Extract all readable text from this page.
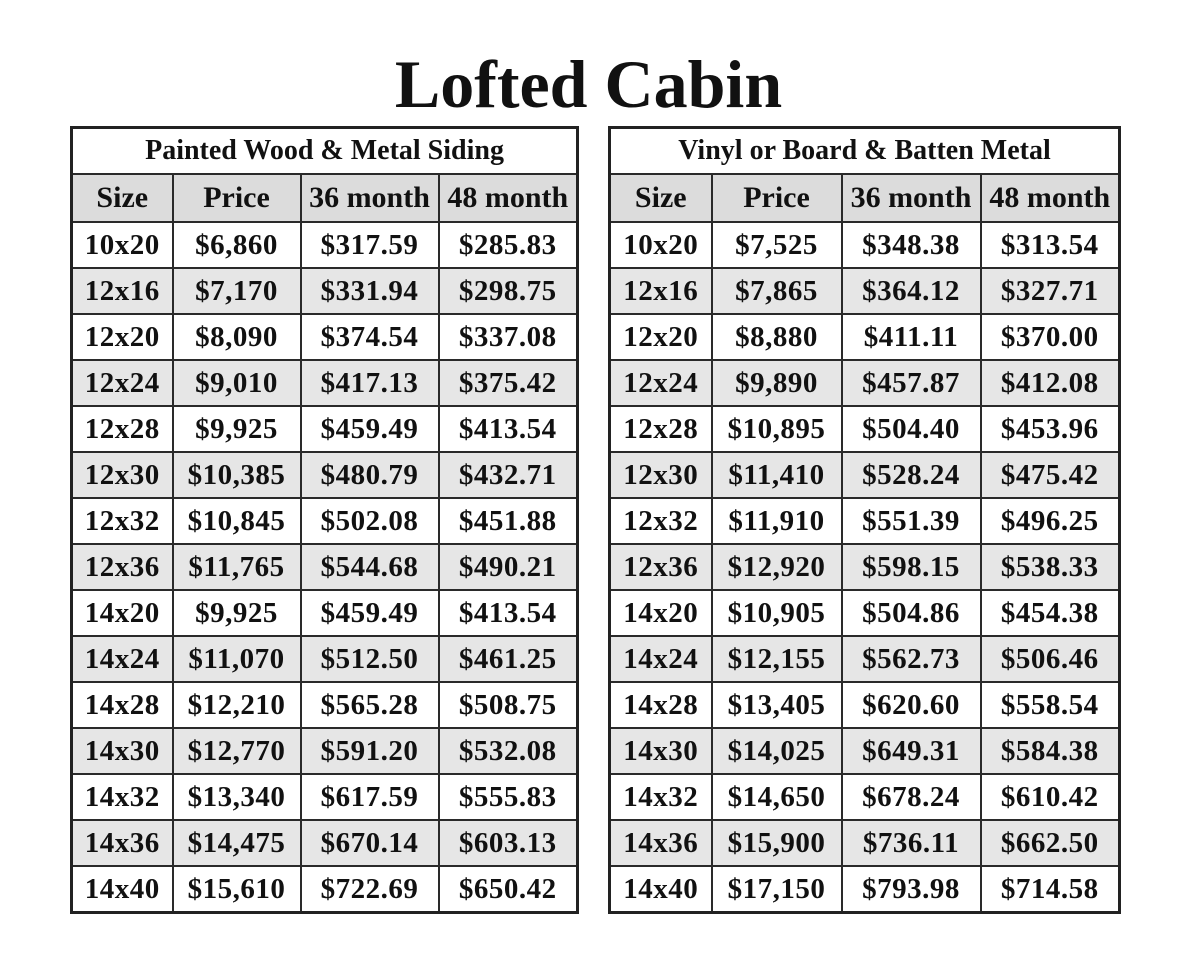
Lofted Cabin
Painted Wood & Metal Siding			
Size	Price	36 month	48 month
10x20	$6,860	$317.59	$285.83
12x16	$7,170	$331.94	$298.75
12x20	$8,090	$374.54	$337.08
12x24	$9,010	$417.13	$375.42
12x28	$9,925	$459.49	$413.54
12x30	$10,385	$480.79	$432.71
12x32	$10,845	$502.08	$451.88
12x36	$11,765	$544.68	$490.21
14x20	$9,925	$459.49	$413.54
14x24	$11,070	$512.50	$461.25
14x28	$12,210	$565.28	$508.75
14x30	$12,770	$591.20	$532.08
14x32	$13,340	$617.59	$555.83
14x36	$14,475	$670.14	$603.13
14x40	$15,610	$722.69	$650.42
Vinyl or Board & Batten Metal			
Size	Price	36 month	48 month
10x20	$7,525	$348.38	$313.54
12x16	$7,865	$364.12	$327.71
12x20	$8,880	$411.11	$370.00
12x24	$9,890	$457.87	$412.08
12x28	$10,895	$504.40	$453.96
12x30	$11,410	$528.24	$475.42
12x32	$11,910	$551.39	$496.25
12x36	$12,920	$598.15	$538.33
14x20	$10,905	$504.86	$454.38
14x24	$12,155	$562.73	$506.46
14x28	$13,405	$620.60	$558.54
14x30	$14,025	$649.31	$584.38
14x32	$14,650	$678.24	$610.42
14x36	$15,900	$736.11	$662.50
14x40	$17,150	$793.98	$714.58
